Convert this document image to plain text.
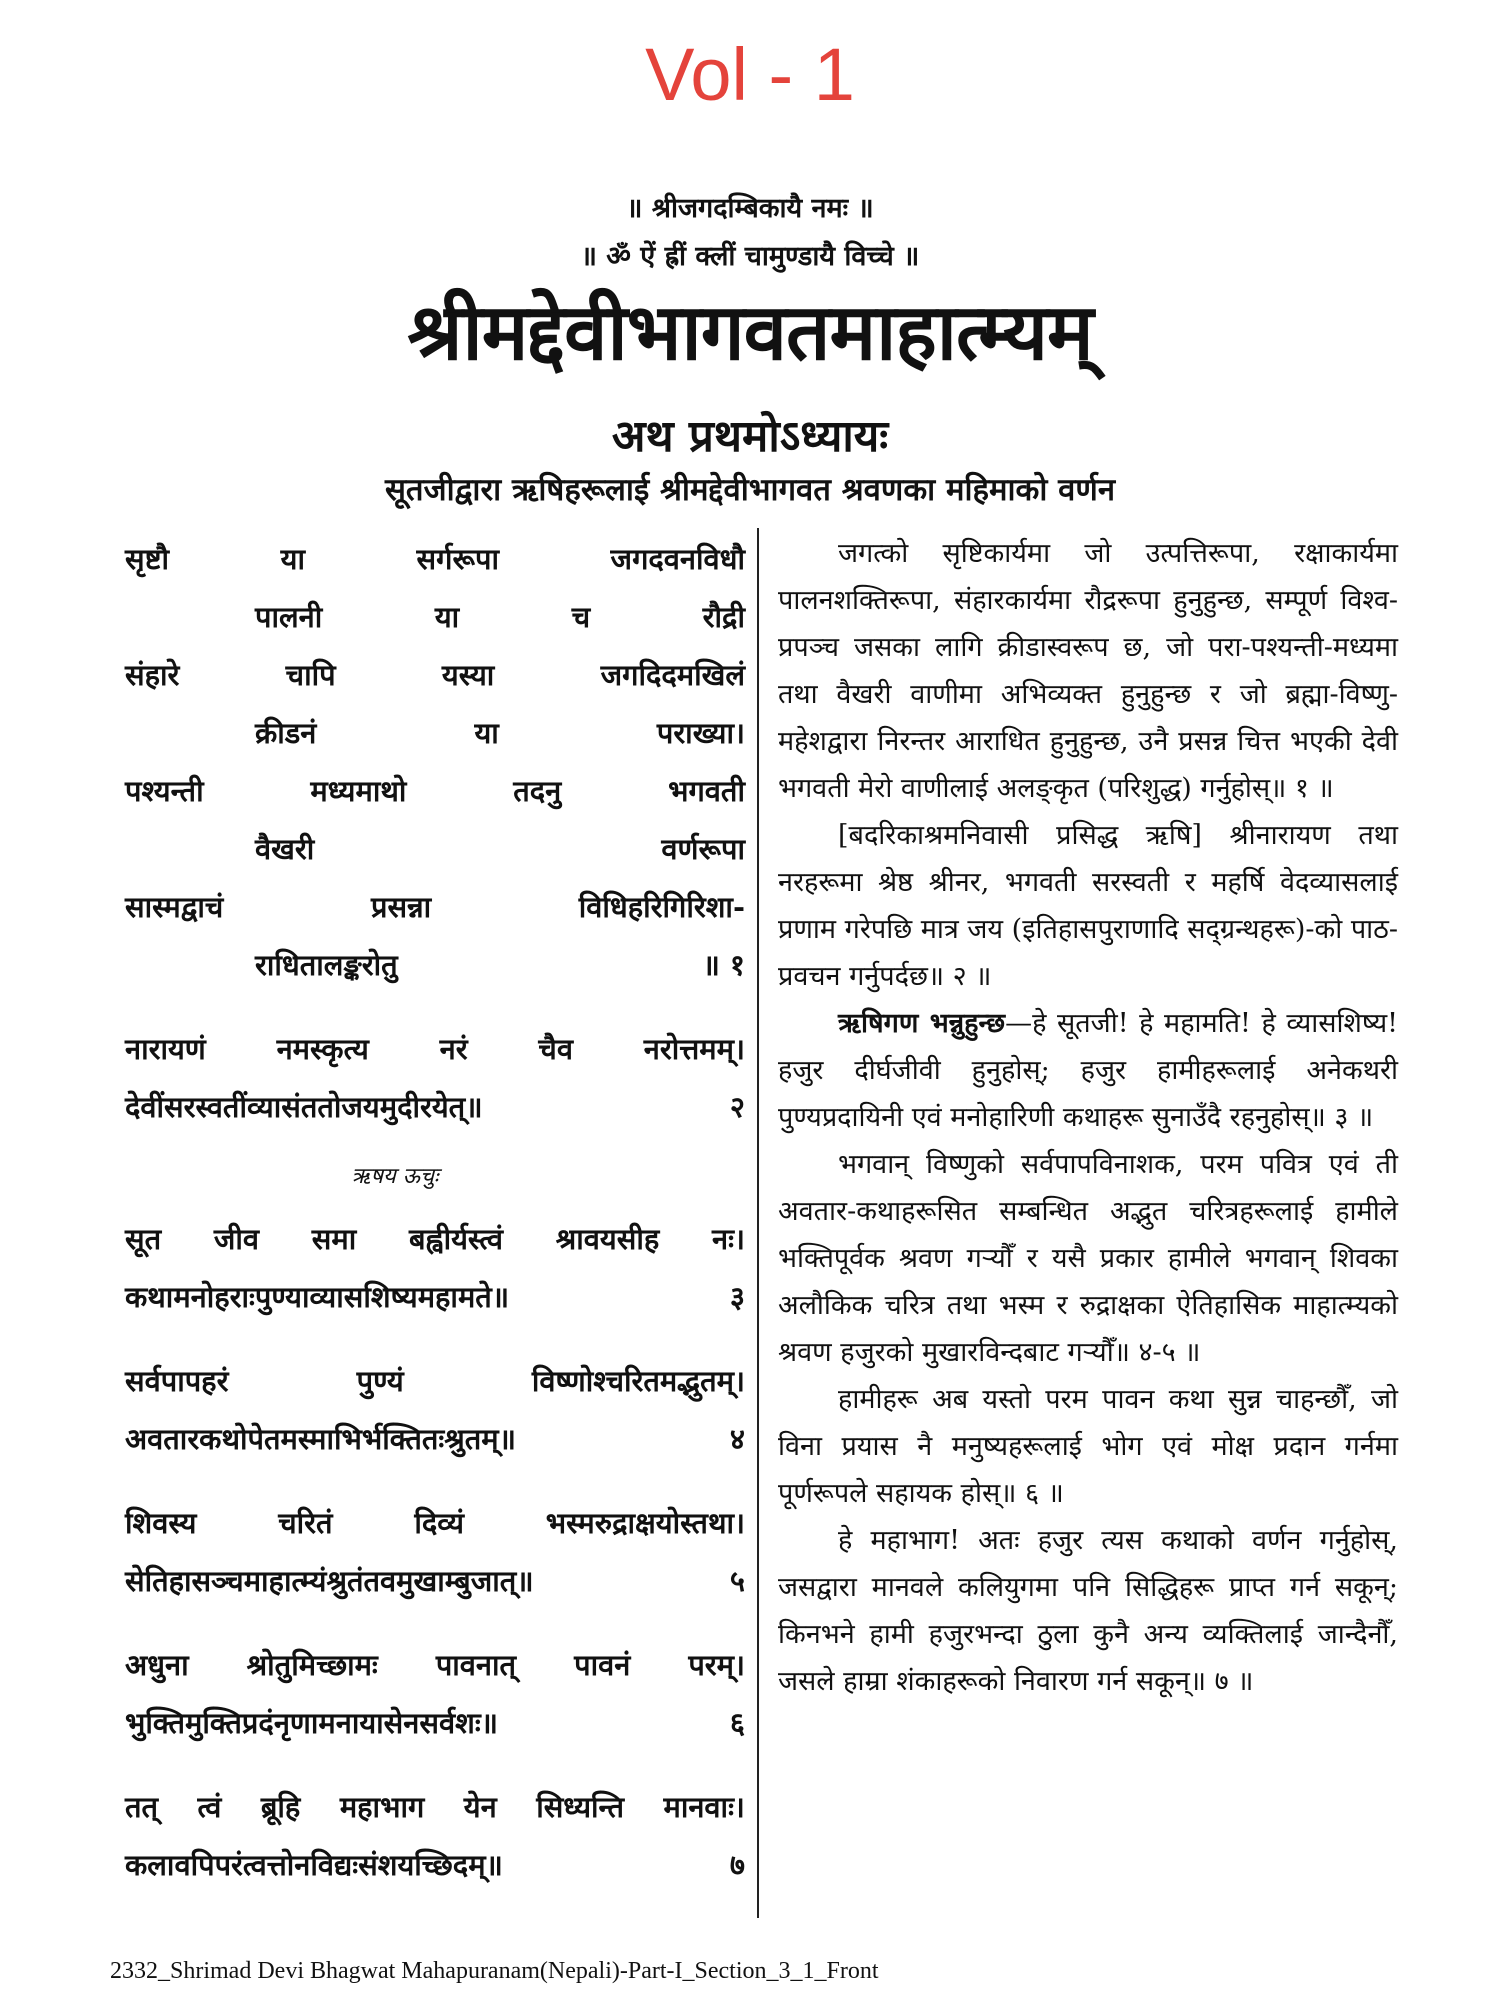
Vol - 1
॥ श्रीजगदम्बिकायै नमः ॥
॥ ॐ ऐं ह्रीं क्लीं चामुण्डायै विच्चे ॥
श्रीमद्देवीभागवतमाहात्म्यम्
अथ प्रथमोऽध्यायः
सूतजीद्वारा ऋषिहरूलाई श्रीमद्देवीभागवत श्रवणका महिमाको वर्णन
सृष्टौ	या	सर्गरूपा	जगदवनविधौ
पालनी	या	च	रौद्री
संहारे	चापि	यस्या	जगदिदमखिलं
क्रीडनं	या	पराख्या।
पश्यन्ती	मध्यमाथो	तदनु	भगवती
वैखरी	वर्णरूपा
सास्मद्वाचं	प्रसन्ना	विधिहरिगिरिशा-
राधितालङ्करोतु	॥ १
नारायणं नमस्कृत्य नरं चैव नरोत्तमम्।
देवीं सरस्वतीं व्यासं ततो जयमुदीरयेत्॥	२
ऋषय ऊचुः
सूत जीव समा बह्वीर्यस्त्वं श्रावयसीह नः।
कथा मनोहराः पुण्या व्यासशिष्य महामते॥	३
सर्वपापहरं	पुण्यं	विष्णोश्चरितमद्भुतम्।
अवतारकथोपेतमस्माभिर्भक्तितः श्रुतम्॥	४
शिवस्य	चरितं	दिव्यं	भस्मरुद्राक्षयोस्तथा।
सेतिहासञ्च माहात्म्यं श्रुतं तव मुखाम्बुजात्॥	५
अधुना श्रोतुमिच्छामः पावनात् पावनं परम्।
भुक्तिमुक्तिप्रदं नृणामनायासेन सर्वशः॥	६
तत् त्वं ब्रूहि महाभाग येन सिध्यन्ति मानवाः।
कलावपि परं त्वत्तो न विद्यः संशयच्छिदम्॥	७

जगत्को सृष्टिकार्यमा जो उत्पत्तिरूपा, रक्षाकार्यमा पालनशक्तिरूपा, संहारकार्यमा रौद्ररूपा हुनुहुन्छ, सम्पूर्ण विश्व-प्रपञ्च जसका लागि क्रीडास्वरूप छ, जो परा-पश्यन्ती-मध्यमा तथा वैखरी वाणीमा अभिव्यक्त हुनुहुन्छ र जो ब्रह्मा-विष्णु-महेशद्वारा निरन्तर आराधित हुनुहुन्छ, उनै प्रसन्न चित्त भएकी देवी भगवती मेरो वाणीलाई अलङ्कृत (परिशुद्ध) गर्नुहोस्॥ १ ॥

[बदरिकाश्रमनिवासी प्रसिद्ध ऋषि] श्रीनारायण तथा नरहरूमा श्रेष्ठ श्रीनर, भगवती सरस्वती र महर्षि वेदव्यासलाई प्रणाम गरेपछि मात्र जय (इतिहासपुराणादि सद्ग्रन्थहरू)-को पाठ-प्रवचन गर्नुपर्दछ॥ २ ॥

ऋषिगण भन्नुहुन्छ—हे सूतजी! हे महामति! हे व्यासशिष्य! हजुर दीर्घजीवी हुनुहोस्; हजुर हामीहरूलाई अनेकथरी पुण्यप्रदायिनी एवं मनोहारिणी कथाहरू सुनाउँदै रहनुहोस्॥ ३ ॥

भगवान् विष्णुको सर्वपापविनाशक, परम पवित्र एवं ती अवतार-कथाहरूसित सम्बन्धित अद्भुत चरित्रहरूलाई हामीले भक्तिपूर्वक श्रवण गर्‍यौँ र यसै प्रकार हामीले भगवान् शिवका अलौकिक चरित्र तथा भस्म र रुद्राक्षका ऐतिहासिक माहात्म्यको श्रवण हजुरको मुखारविन्दबाट गर्‍यौँ॥ ४-५ ॥

हामीहरू अब यस्तो परम पावन कथा सुन्न चाहन्छौँ, जो विना प्रयास नै मनुष्यहरूलाई भोग एवं मोक्ष प्रदान गर्नमा पूर्णरूपले सहायक होस्॥ ६ ॥

हे महाभाग! अतः हजुर त्यस कथाको वर्णन गर्नुहोस्, जसद्वारा मानवले कलियुगमा पनि सिद्धिहरू प्राप्त गर्न सकून्; किनभने हामी हजुरभन्दा ठुला कुनै अन्य व्यक्तिलाई जान्दैनौँ, जसले हाम्रा शंकाहरूको निवारण गर्न सकून्॥ ७ ॥

2332_Shrimad Devi Bhagwat Mahapuranam(Nepali)-Part-I_Section_3_1_Front
